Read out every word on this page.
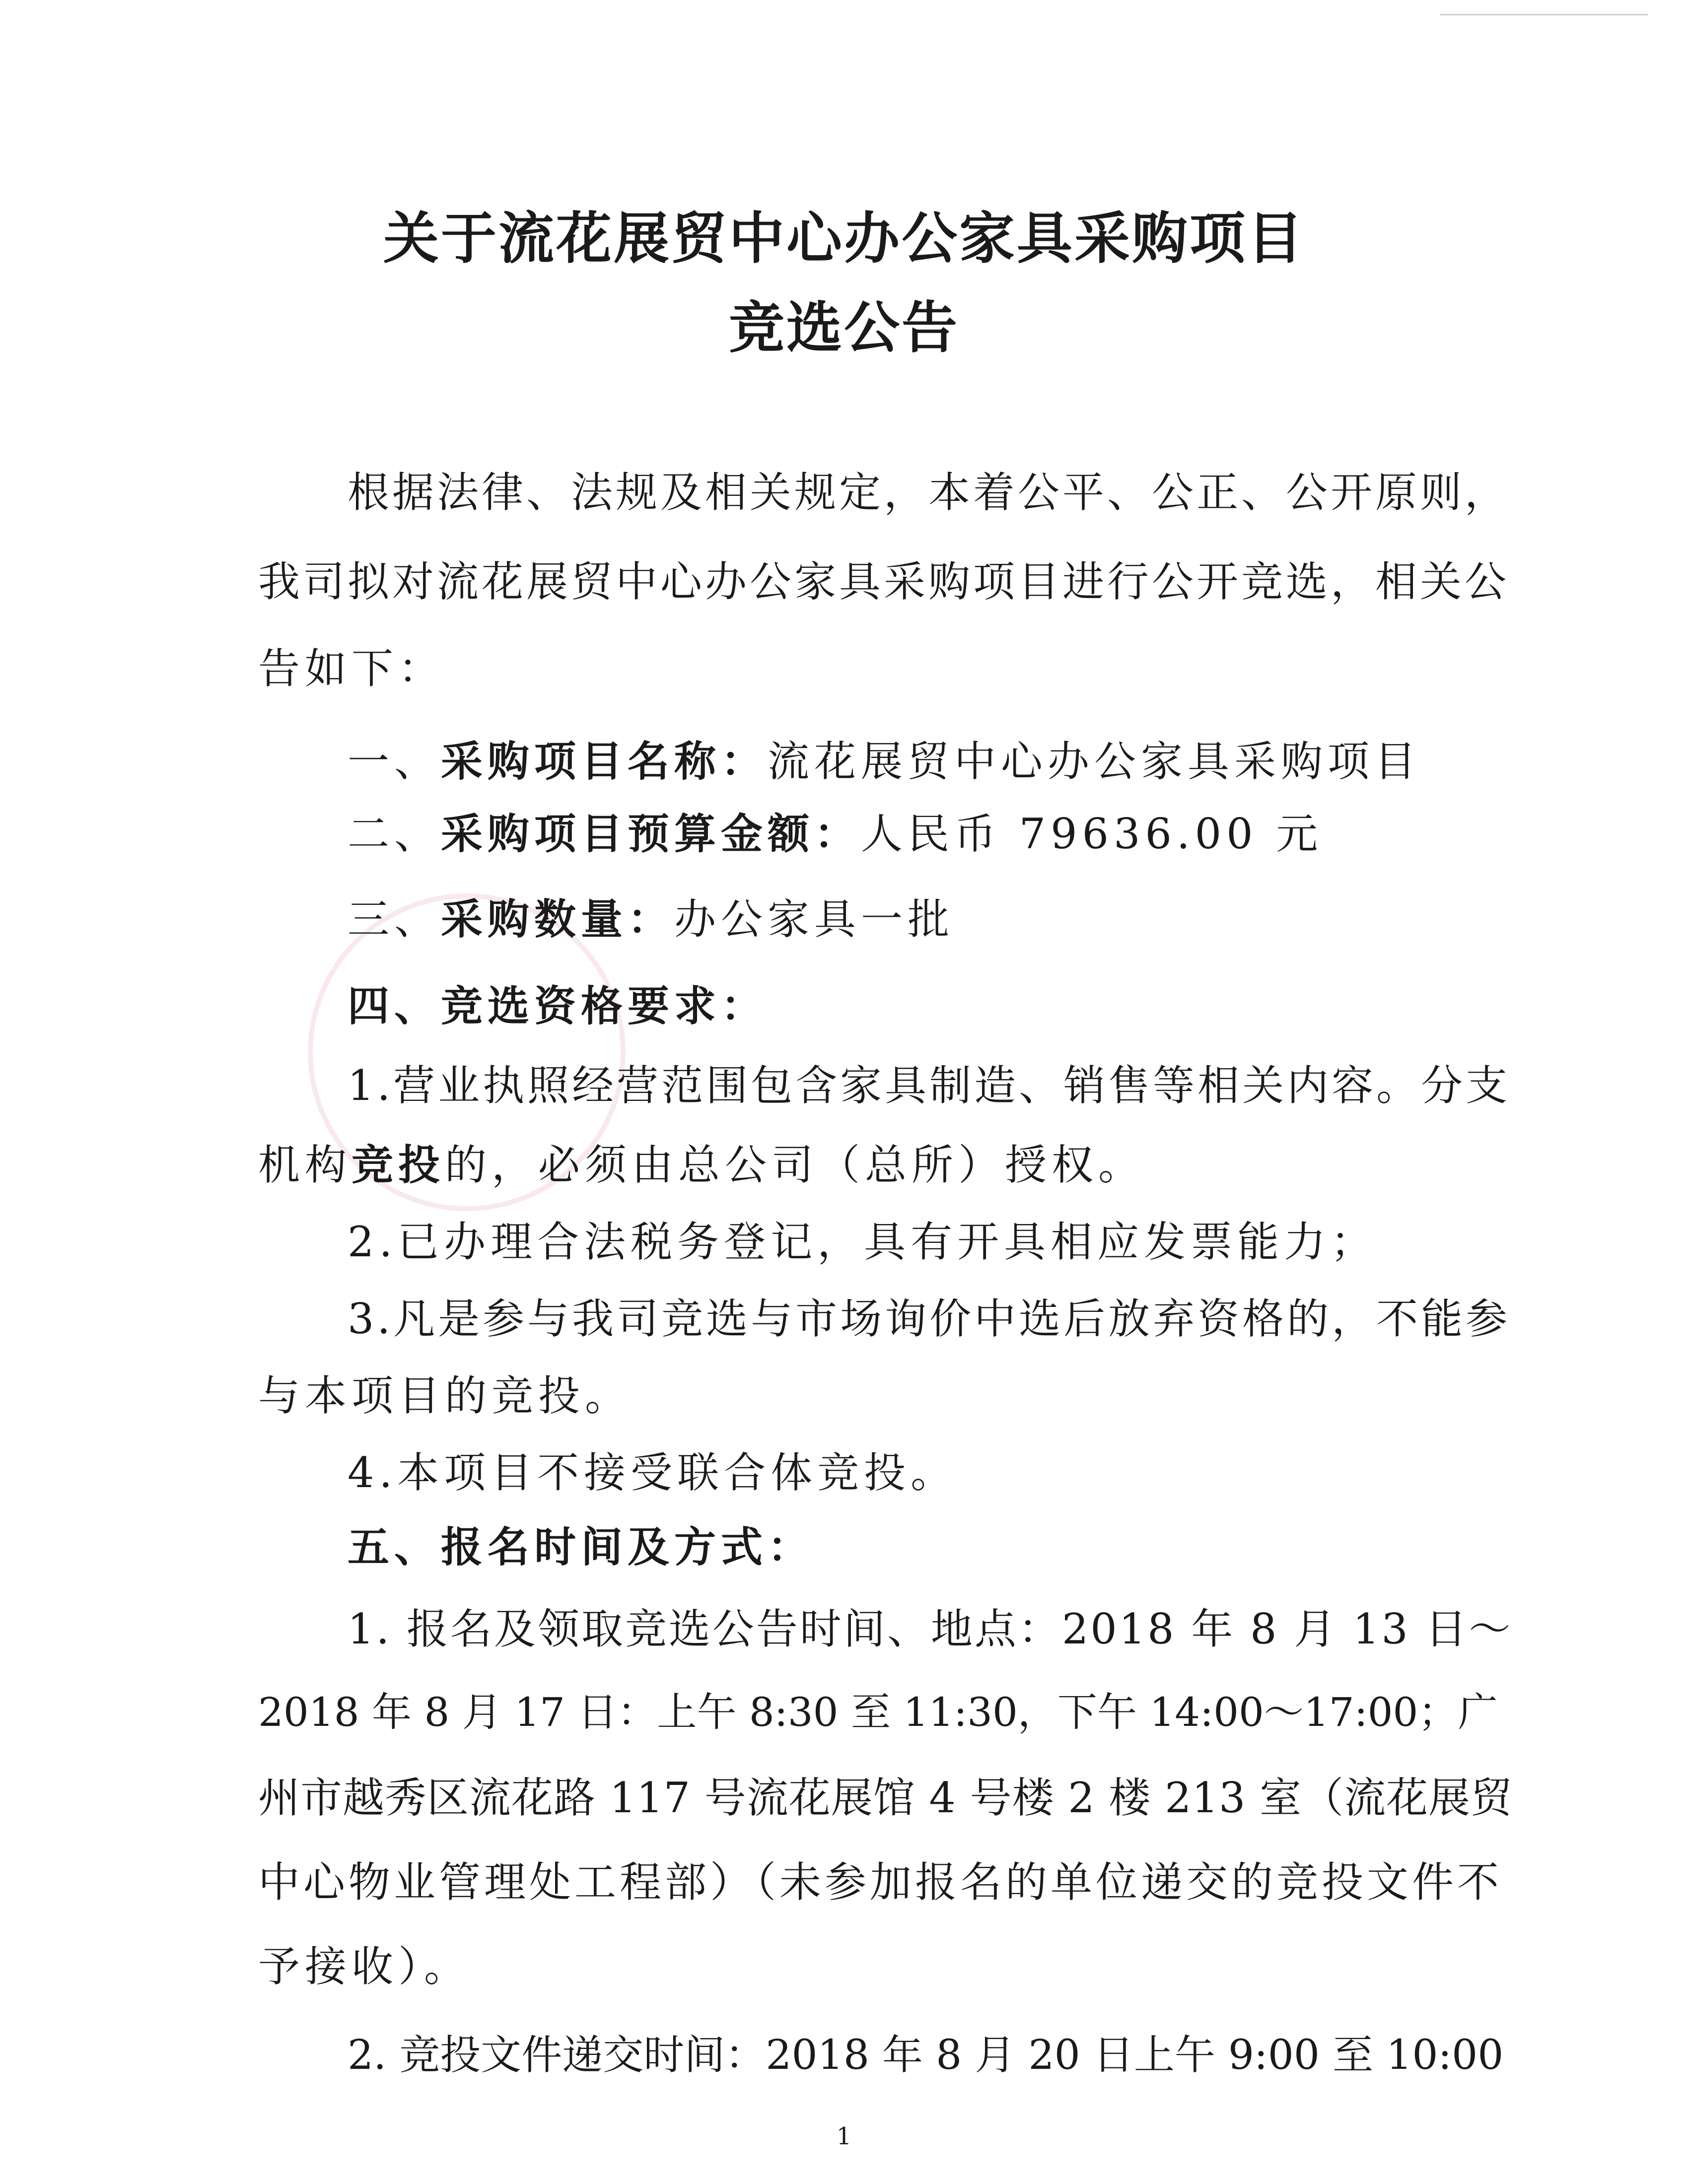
关于流花展贸中心办公家具采购项目
竞选公告
根据法律、法规及相关规定，本着公平、公正、公开原则，
我司拟对流花展贸中心办公家具采购项目进行公开竞选，相关公
告如下：
一、采购项目名称：流花展贸中心办公家具采购项目
二、采购项目预算金额：人民币 79636.00 元
三、采购数量：办公家具一批
四、竞选资格要求：
1.营业执照经营范围包含家具制造、销售等相关内容。分支
机构竞投的，必须由总公司（总所）授权。
2.已办理合法税务登记，具有开具相应发票能力；
3.凡是参与我司竞选与市场询价中选后放弃资格的，不能参
与本项目的竞投。
4.本项目不接受联合体竞投。
五、报名时间及方式：
1. 报名及领取竞选公告时间、地点：2018 年 8 月 13 日～
2018 年 8 月 17 日：上午 8:30 至 11:30，下午 14:00～17:00；广
州市越秀区流花路 117 号流花展馆 4 号楼 2 楼 213 室（流花展贸
中心物业管理处工程部）（未参加报名的单位递交的竞投文件不
予接收）。
2. 竞投文件递交时间：2018 年 8 月 20 日上午 9:00 至 10:00
1
